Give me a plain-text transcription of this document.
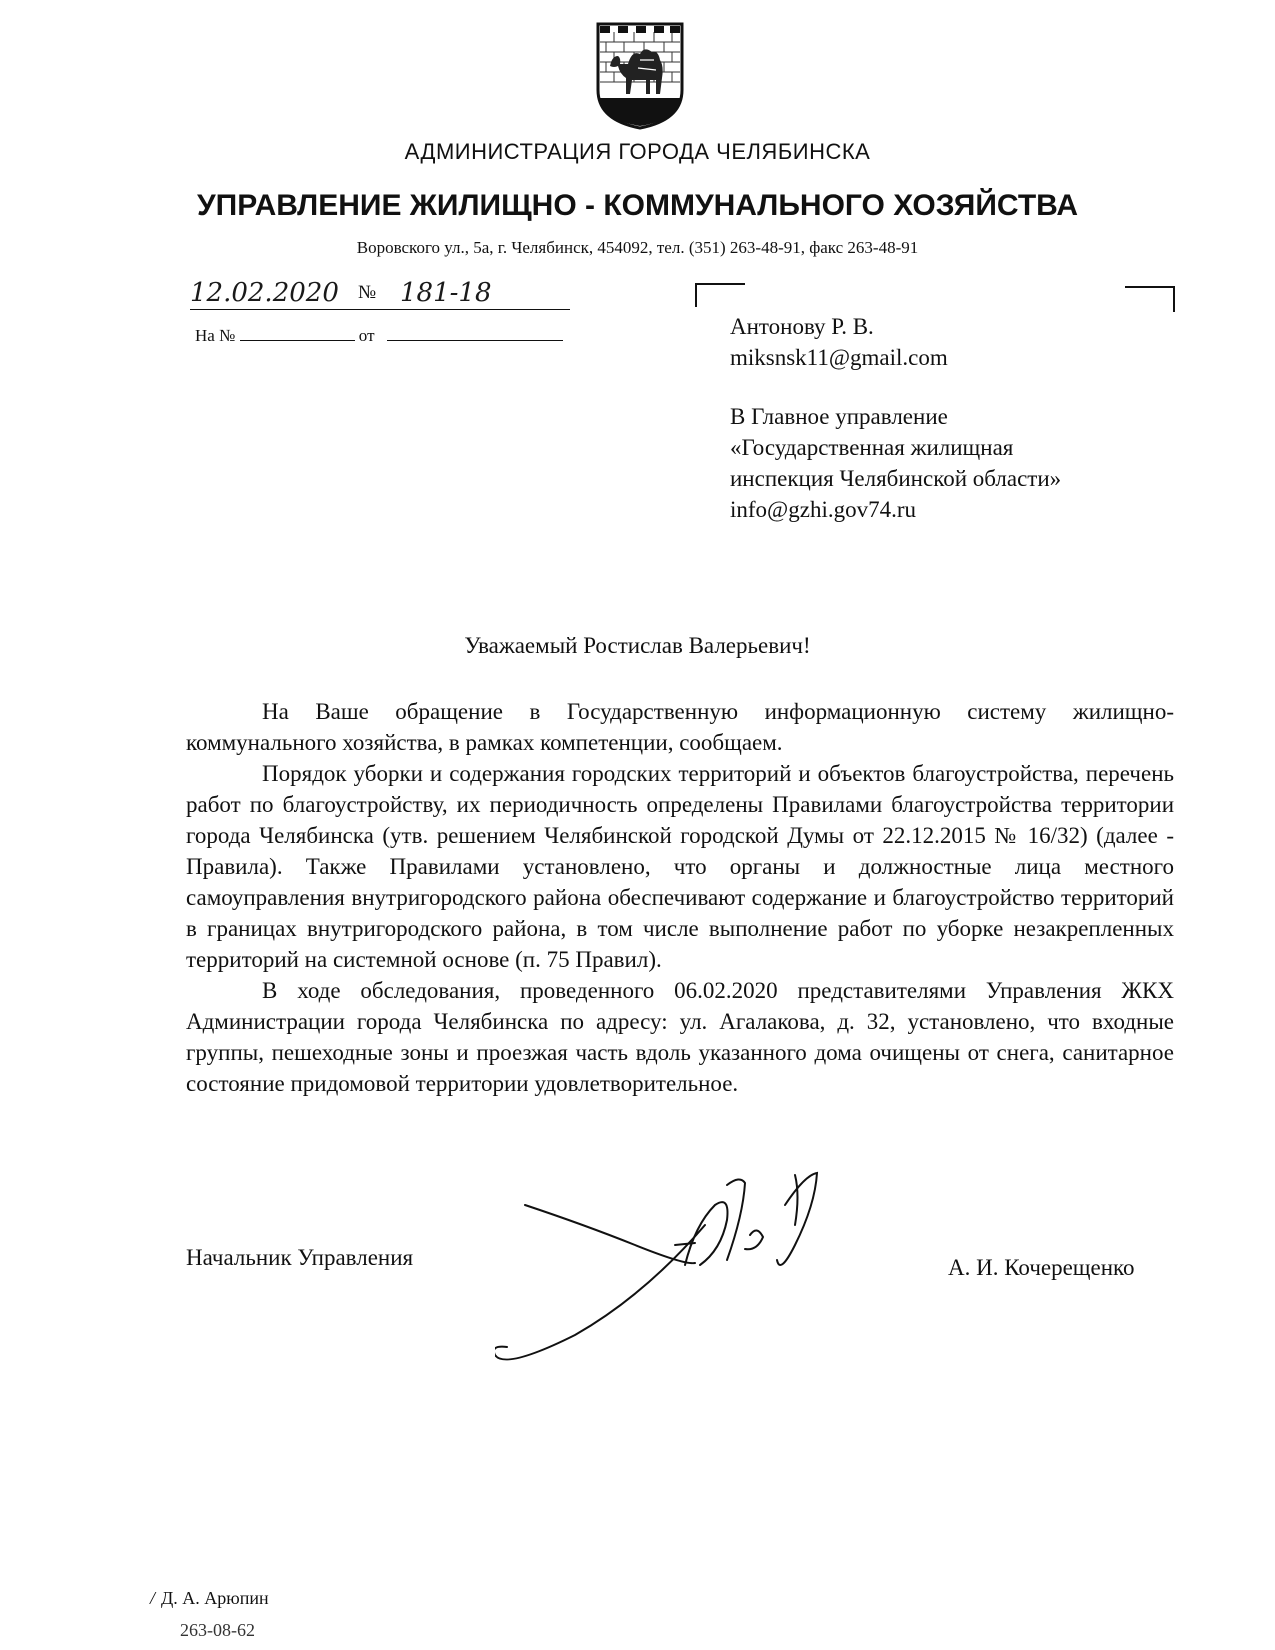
АДМИНИСТРАЦИЯ ГОРОДА ЧЕЛЯБИНСКА
УПРАВЛЕНИЕ ЖИЛИЩНО - КОММУНАЛЬНОГО ХОЗЯЙСТВА
Воровского ул., 5а, г. Челябинск, 454092, тел. (351) 263-48-91, факс 263-48-91
12.02.2020 № 181-18
На №	от	Антонову Р. В.
miksnsk11@gmail.com
В Главное управление
«Государственная жилищная
инспекция Челябинской области»
info@gzhi.gov74.ru
Уважаемый Ростислав Валерьевич!

На Ваше обращение в Государственную информационную систему жилищно-коммунального хозяйства, в рамках компетенции, сообщаем.

Порядок уборки и содержания городских территорий и объектов благоустройства, перечень работ по благоустройству, их периодичность определены Правилами благоустройства территории города Челябинска (утв. решением Челябинской городской Думы от 22.12.2015 № 16/32) (далее - Правила). Также Правилами установлено, что органы и должностные лица местного самоуправления внутригородского района обеспечивают содержание и благоустройство территорий в границах внутригородского района, в том числе выполнение работ по уборке незакрепленных территорий на системной основе (п. 75 Правил).

В ходе обследования, проведенного 06.02.2020 представителями Управления ЖКХ Администрации города Челябинска по адресу: ул. Агалакова, д. 32, установлено, что входные группы, пешеходные зоны и проезжая часть вдоль указанного дома очищены от снега, санитарное состояние придомовой территории удовлетворительное.

Начальник Управления	А. И. Кочерещенко
/ Д. А. Арюпин
263-08-62
